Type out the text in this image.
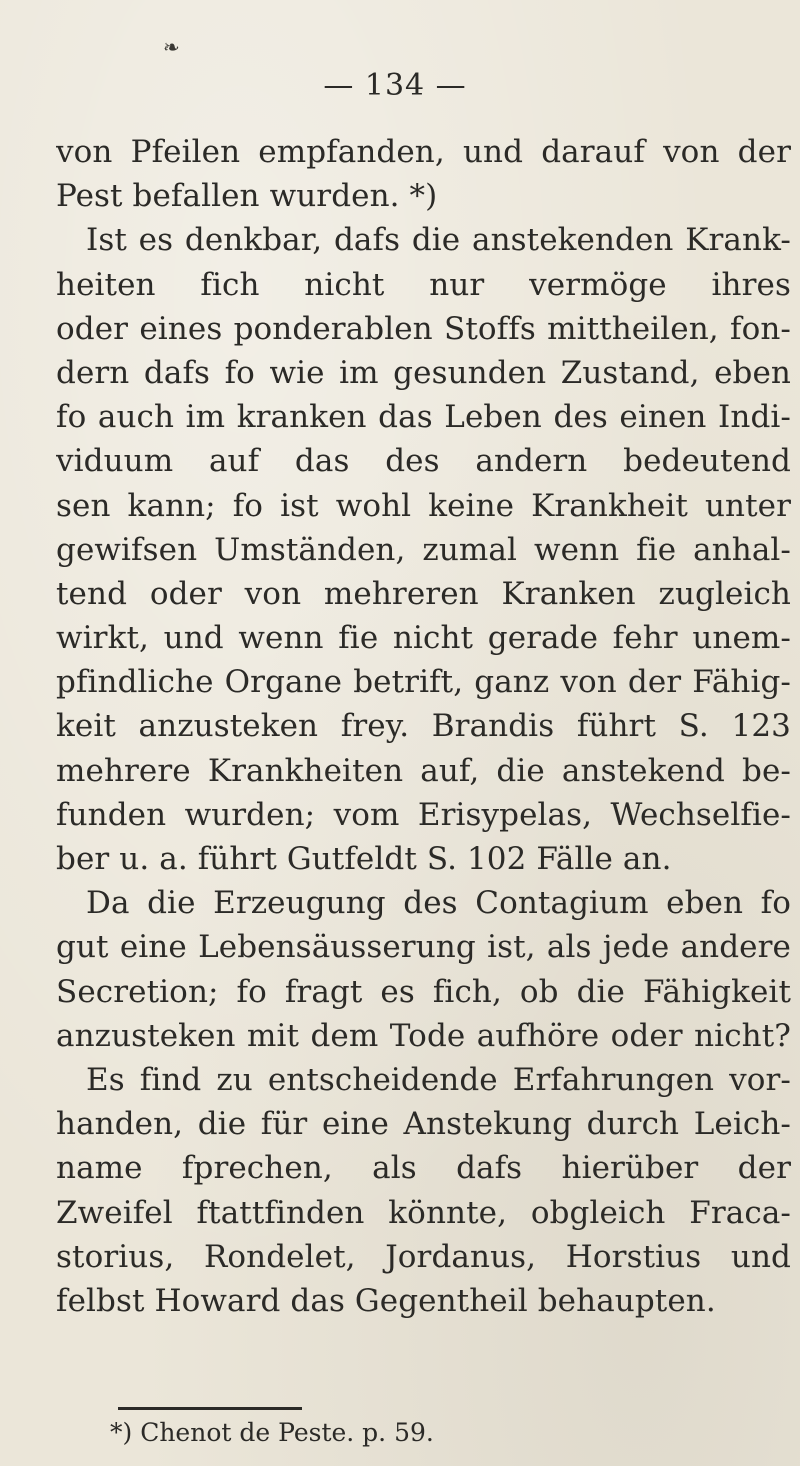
❧
— 134 —
von Pfeilen empfanden, und darauf von der
Pest befallen wurden. *)
Ist es denkbar, dafs die anstekenden Krank-
heiten fich nicht nur vermöge ihres
oder eines ponderablen Stoffs mittheilen, fon-
dern dafs fo wie im gesunden Zustand, eben
fo auch im kranken das Leben des einen Indi-
viduum auf das des andern bedeutend
sen kann; fo ist wohl keine Krankheit unter
gewifsen Umständen, zumal wenn fie anhal-
tend oder von mehreren Kranken zugleich
wirkt, und wenn fie nicht gerade fehr unem-
pfindliche Organe betrift, ganz von der Fähig-
keit anzusteken frey. Brandis führt S. 123
mehrere Krankheiten auf, die anstekend be-
funden wurden; vom Erisypelas, Wechselfie-
ber u. a. führt Gutfeldt S. 102 Fälle an.
Da die Erzeugung des Contagium eben fo
gut eine Lebensäusserung ist, als jede andere
Secretion; fo fragt es fich, ob die Fähigkeit
anzusteken mit dem Tode aufhöre oder nicht?
Es find zu entscheidende Erfahrungen vor-
handen, die für eine Anstekung durch Leich-
name fprechen, als dafs hierüber der
Zweifel ftattfinden könnte, obgleich Fraca-
storius, Rondelet, Jordanus, Horstius und
felbst Howard das Gegentheil behaupten.
*) Chenot de Peste. p. 59.
